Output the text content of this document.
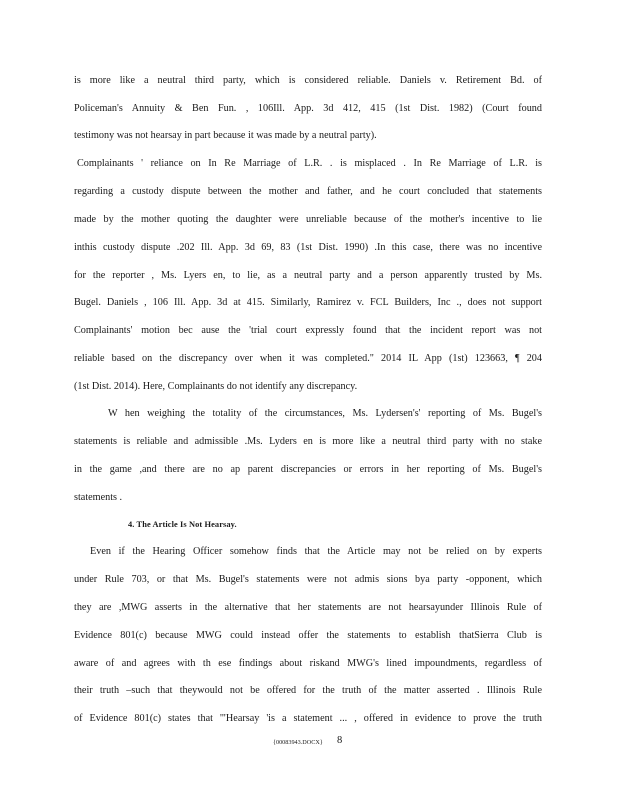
is more like a neutral third party, which is considered reliable. Daniels v. Retirement Bd. of
Policeman's Annuity & Ben Fun. , 106Ill. App. 3d 412, 415 (1st Dist. 1982) (Court found
testimony was not hearsay in part because it was made by a neutral party).
Complainants ' reliance on In Re Marriage of L.R. . is misplaced . In Re Marriage of L.R. is
regarding a custody dispute between the mother and father, and he court concluded that statements
made by the mother quoting the daughter were unreliable because of the mother's incentive to lie
inthis custody dispute .202 Ill. App. 3d 69, 83 (1st Dist. 1990) .In this case, there was no incentive
for the reporter , Ms. Lyers en, to lie, as a neutral party and a person apparently trusted by Ms.
Bugel. Daniels , 106 Ill. App. 3d at 415. Similarly, Ramirez v. FCL Builders, Inc ., does not support
Complainants' motion bec ause the 'trial court expressly found that the incident report was not
reliable based on the discrepancy over when it was completed." 2014 IL App (1st) 123663, ¶ 204
(1st Dist. 2014). Here, Complainants do not identify any discrepancy.
W hen weighing the totality of the circumstances, Ms. Lydersen's' reporting of Ms. Bugel's
statements is reliable and admissible .Ms. Lyders en is more like a neutral third party with no stake
in the game ,and there are no ap parent discrepancies or errors in her reporting of Ms. Bugel's
statements .
4. The Article Is Not Hearsay.
Even if the Hearing Officer somehow finds that the Article may not be relied on by experts
under Rule 703, or that Ms. Bugel's statements were not admis sions bya party -opponent, which
they are ,MWG asserts in the alternative that her statements are not hearsayunder Illinois Rule of
Evidence 801(c) because MWG could instead offer the statements to establish thatSierra Club is
aware of and agrees with th ese findings about riskand MWG's lined impoundments, regardless of
their truth –such that theywould not be offered for the truth of the matter asserted . Illinois Rule
of Evidence 801(c) states that '"Hearsay 'is a statement ... , offered in evidence to prove the truth
{00083943.DOCX} 8
